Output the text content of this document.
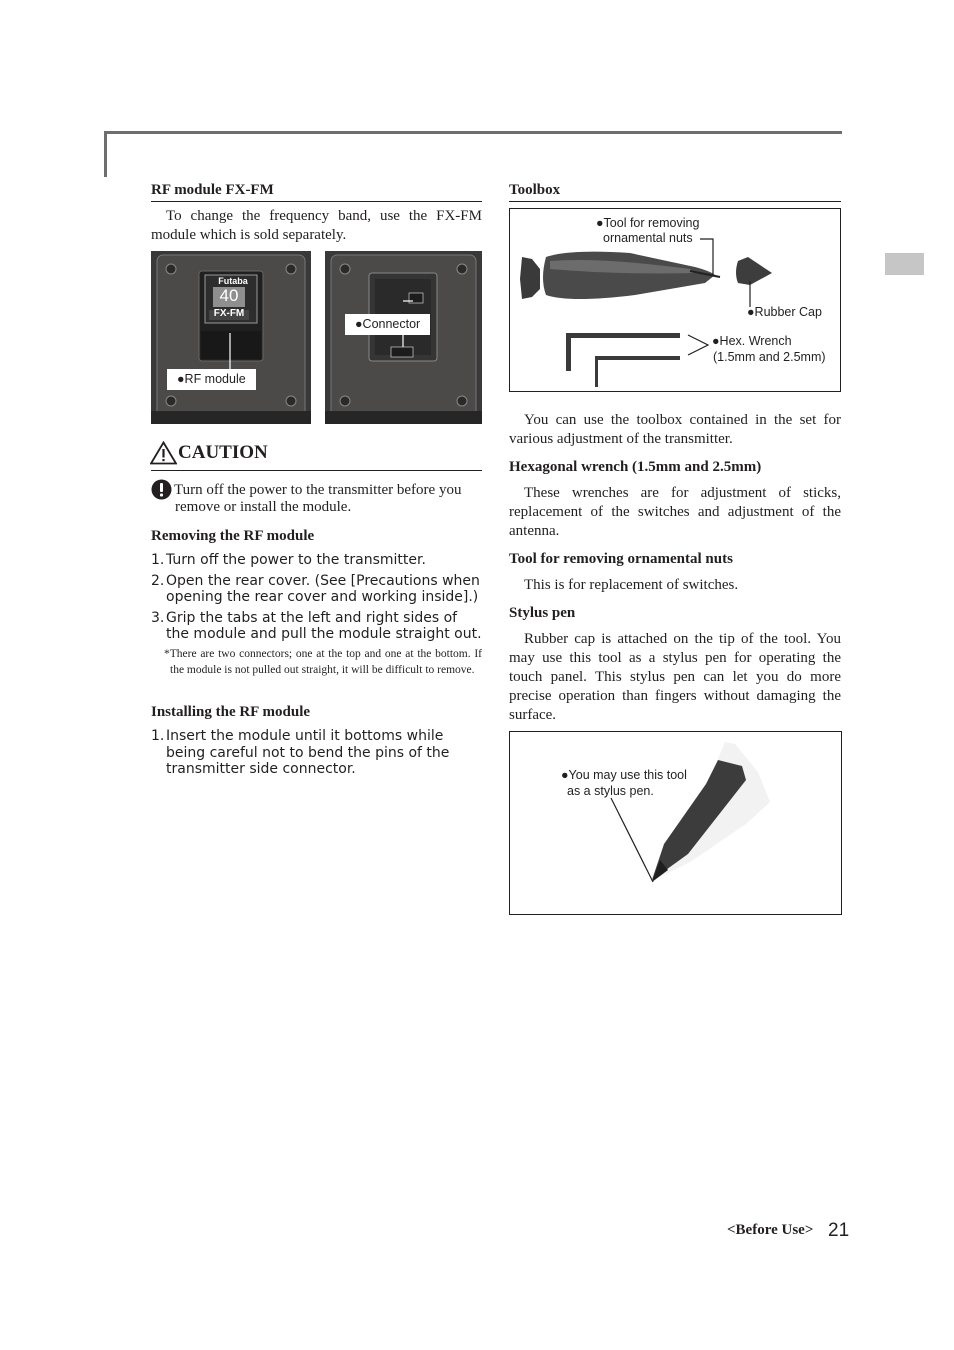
RF module FX-FM
To change the frequency band, use the FX-FM module which is sold separately.
Futaba
40
FX-FM
●RF module
●Connector
CAUTION
Turn off the power to the transmitter before you remove or install the module.
Removing the RF module
1. Turn off the power to the transmitter.
2. Open the rear cover. (See [Precautions when opening the rear cover and working inside].)
3. Grip the tabs at the left and right sides of the module and pull the module straight out.
*There are two connectors; one at the top and one at the bottom. If the module is not pulled out straight, it will be difficult to remove.
Installing the RF module
1. Insert the module until it bottoms while being careful not to bend the pins of the transmitter side connector.
Toolbox
●Tool for removing
ornamental nuts
●Rubber Cap
●Hex. Wrench
(1.5mm and 2.5mm)
You can use the toolbox contained in the set for various adjustment of the transmitter.
Hexagonal wrench (1.5mm and 2.5mm)
These wrenches are for adjustment of sticks, replacement of the switches and adjustment of the antenna.
Tool for removing ornamental nuts
This is for replacement of switches.
Stylus pen
Rubber cap is attached on the tip of the tool. You may use this tool as a stylus pen for operating the touch panel. This stylus pen can let you do more precise operation than fingers without damaging the surface.
●You may use this tool
as a stylus pen.
<Before Use> 21
